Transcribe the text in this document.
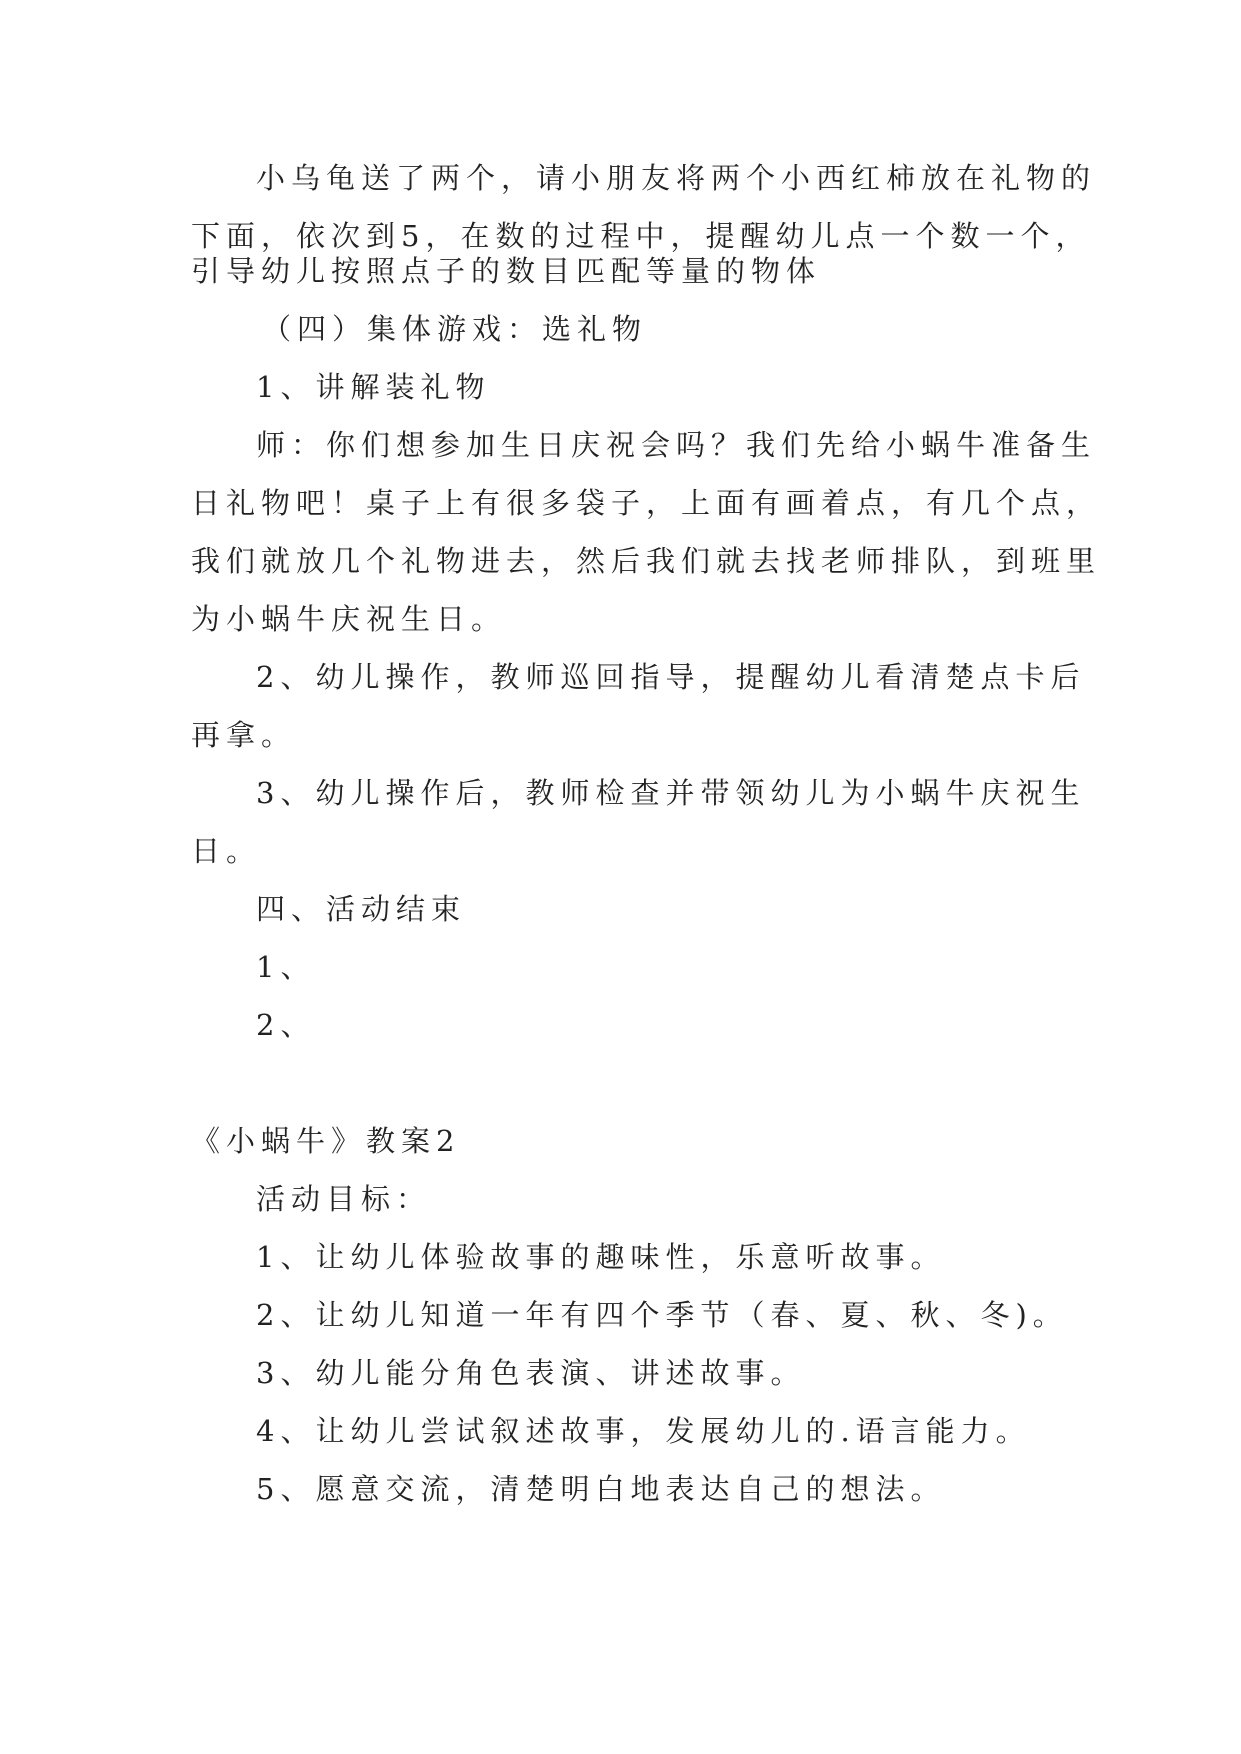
小乌龟送了两个，请小朋友将两个小西红柿放在礼物的
下面，依次到5，在数的过程中，提醒幼儿点一个数一个，
引导幼儿按照点子的数目匹配等量的物体
（四）集体游戏：选礼物
1、讲解装礼物
师：你们想参加生日庆祝会吗？我们先给小蜗牛准备生
日礼物吧！桌子上有很多袋子，上面有画着点，有几个点，
我们就放几个礼物进去，然后我们就去找老师排队，到班里
为小蜗牛庆祝生日。
2、幼儿操作，教师巡回指导，提醒幼儿看清楚点卡后
再拿。
3、幼儿操作后，教师检查并带领幼儿为小蜗牛庆祝生
日。
四、活动结束
1、
2、
《小蜗牛》教案2
活动目标：
1、让幼儿体验故事的趣味性，乐意听故事。
2、让幼儿知道一年有四个季节（春、夏、秋、冬)。
3、幼儿能分角色表演、讲述故事。
4、让幼儿尝试叙述故事，发展幼儿的.语言能力。
5、愿意交流，清楚明白地表达自己的想法。
